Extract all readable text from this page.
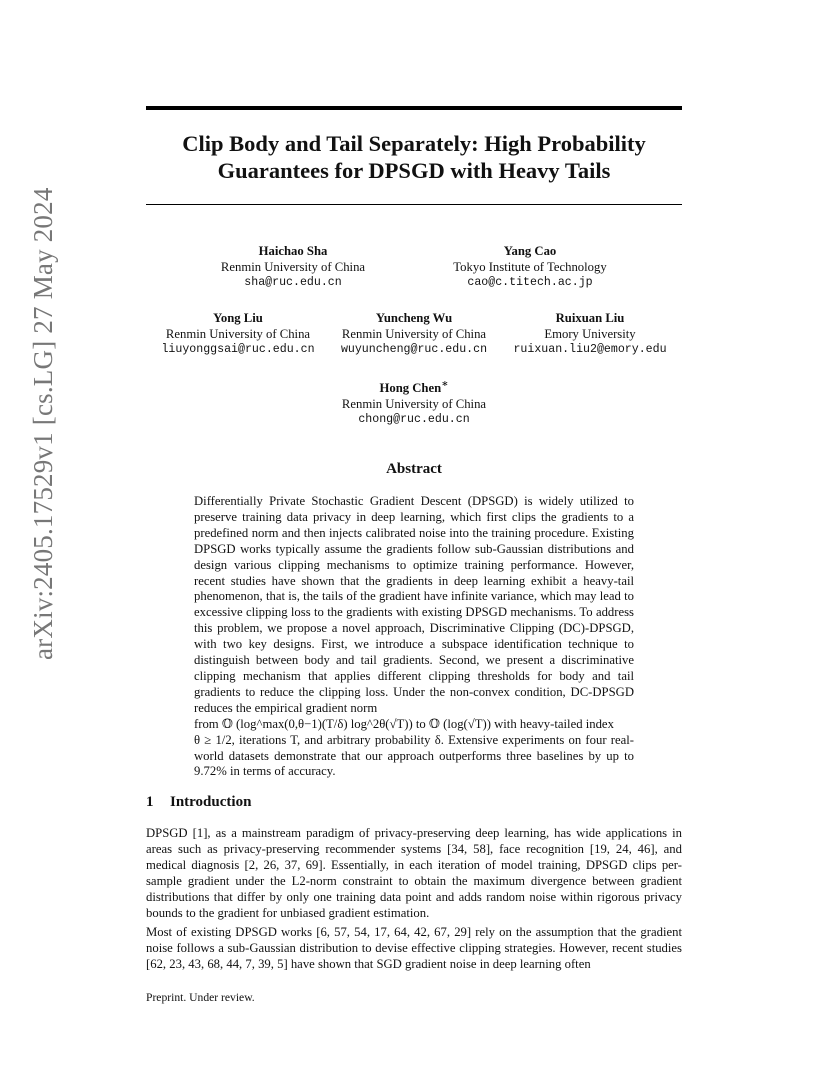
arXiv:2405.17529v1 [cs.LG] 27 May 2024
Clip Body and Tail Separately: High Probability
Guarantees for DPSGD with Heavy Tails
Haichao Sha
Renmin University of China
sha@ruc.edu.cn
Yang Cao
Tokyo Institute of Technology
cao@c.titech.ac.jp
Yong Liu
Renmin University of China
liuyonggsai@ruc.edu.cn
Yuncheng Wu
Renmin University of China
wuyuncheng@ruc.edu.cn
Ruixuan Liu
Emory University
ruixuan.liu2@emory.edu
Hong Chen∗
Renmin University of China
chong@ruc.edu.cn
Abstract

Differentially Private Stochastic Gradient Descent (DPSGD) is widely utilized to preserve training data privacy in deep learning, which first clips the gradients to a predefined norm and then injects calibrated noise into the training procedure. Existing DPSGD works typically assume the gradients follow sub-Gaussian distributions and design various clipping mechanisms to optimize training performance. However, recent studies have shown that the gradients in deep learning exhibit a heavy-tail phenomenon, that is, the tails of the gradient have infinite variance, which may lead to excessive clipping loss to the gradients with existing DPSGD mechanisms. To address this problem, we propose a novel approach, Discriminative Clipping (DC)-DPSGD, with two key designs. First, we introduce a subspace identification technique to distinguish between body and tail gradients. Second, we present a discriminative clipping mechanism that applies different clipping thresholds for body and tail gradients to reduce the clipping loss. Under the non-convex condition, DC-DPSGD reduces the empirical gradient norm

from 𝕆 (log^max(0,θ−1)(T/δ) log^2θ(√T)) to 𝕆 (log(√T)) with heavy-tailed index

θ ≥ 1/2, iterations T, and arbitrary probability δ. Extensive experiments on four real-world datasets demonstrate that our approach outperforms three baselines by up to 9.72% in terms of accuracy.

1 Introduction

DPSGD [1], as a mainstream paradigm of privacy-preserving deep learning, has wide applications in areas such as privacy-preserving recommender systems [34, 58], face recognition [19, 24, 46], and medical diagnosis [2, 26, 37, 69]. Essentially, in each iteration of model training, DPSGD clips per-sample gradient under the L2-norm constraint to obtain the maximum divergence between gradient distributions that differ by only one training data point and adds random noise within rigorous privacy bounds to the gradient for unbiased gradient estimation.

Most of existing DPSGD works [6, 57, 54, 17, 64, 42, 67, 29] rely on the assumption that the gradient noise follows a sub-Gaussian distribution to devise effective clipping strategies. However, recent studies [62, 23, 43, 68, 44, 7, 39, 5] have shown that SGD gradient noise in deep learning often

Preprint. Under review.
